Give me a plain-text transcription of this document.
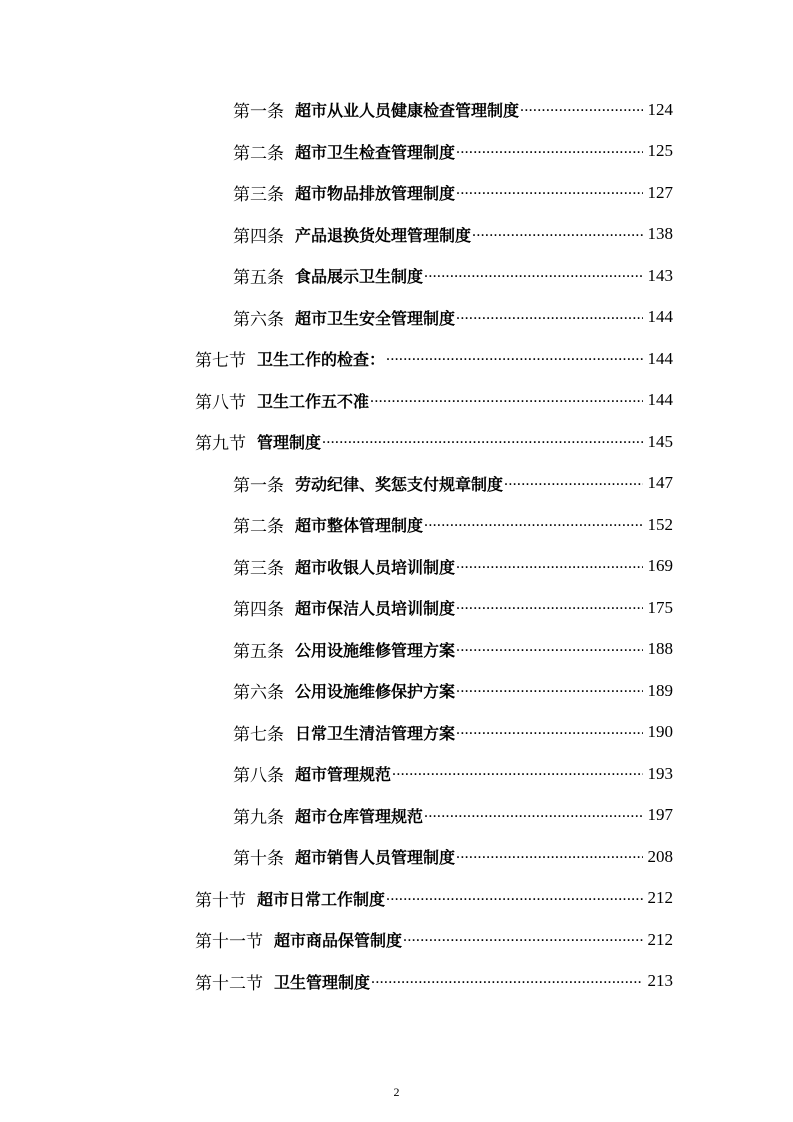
第一条 超市从业人员健康检查管理制度 .....	124
第二条 超市卫生检查管理制度 .....	125
第三条 超市物品排放管理制度 .....	127
第四条 产品退换货处理管理制度 .....	138
第五条 食品展示卫生制度 .....	143
第六条 超市卫生安全管理制度 .....	144
第七节 卫生工作的检查： .....	144
第八节 卫生工作五不准 .....	144
第九节 管理制度 .....	145
第一条 劳动纪律、奖惩支付规章制度 .....	147
第二条 超市整体管理制度 .....	152
第三条 超市收银人员培训制度 .....	169
第四条 超市保洁人员培训制度 .....	175
第五条 公用设施维修管理方案 .....	188
第六条 公用设施维修保护方案 .....	189
第七条 日常卫生清洁管理方案 .....	190
第八条 超市管理规范 .....	193
第九条 超市仓库管理规范 .....	197
第十条 超市销售人员管理制度 .....	208
第十节 超市日常工作制度 .....	212
第十一节 超市商品保管制度 .....	212
第十二节 卫生管理制度 .....	213
2
